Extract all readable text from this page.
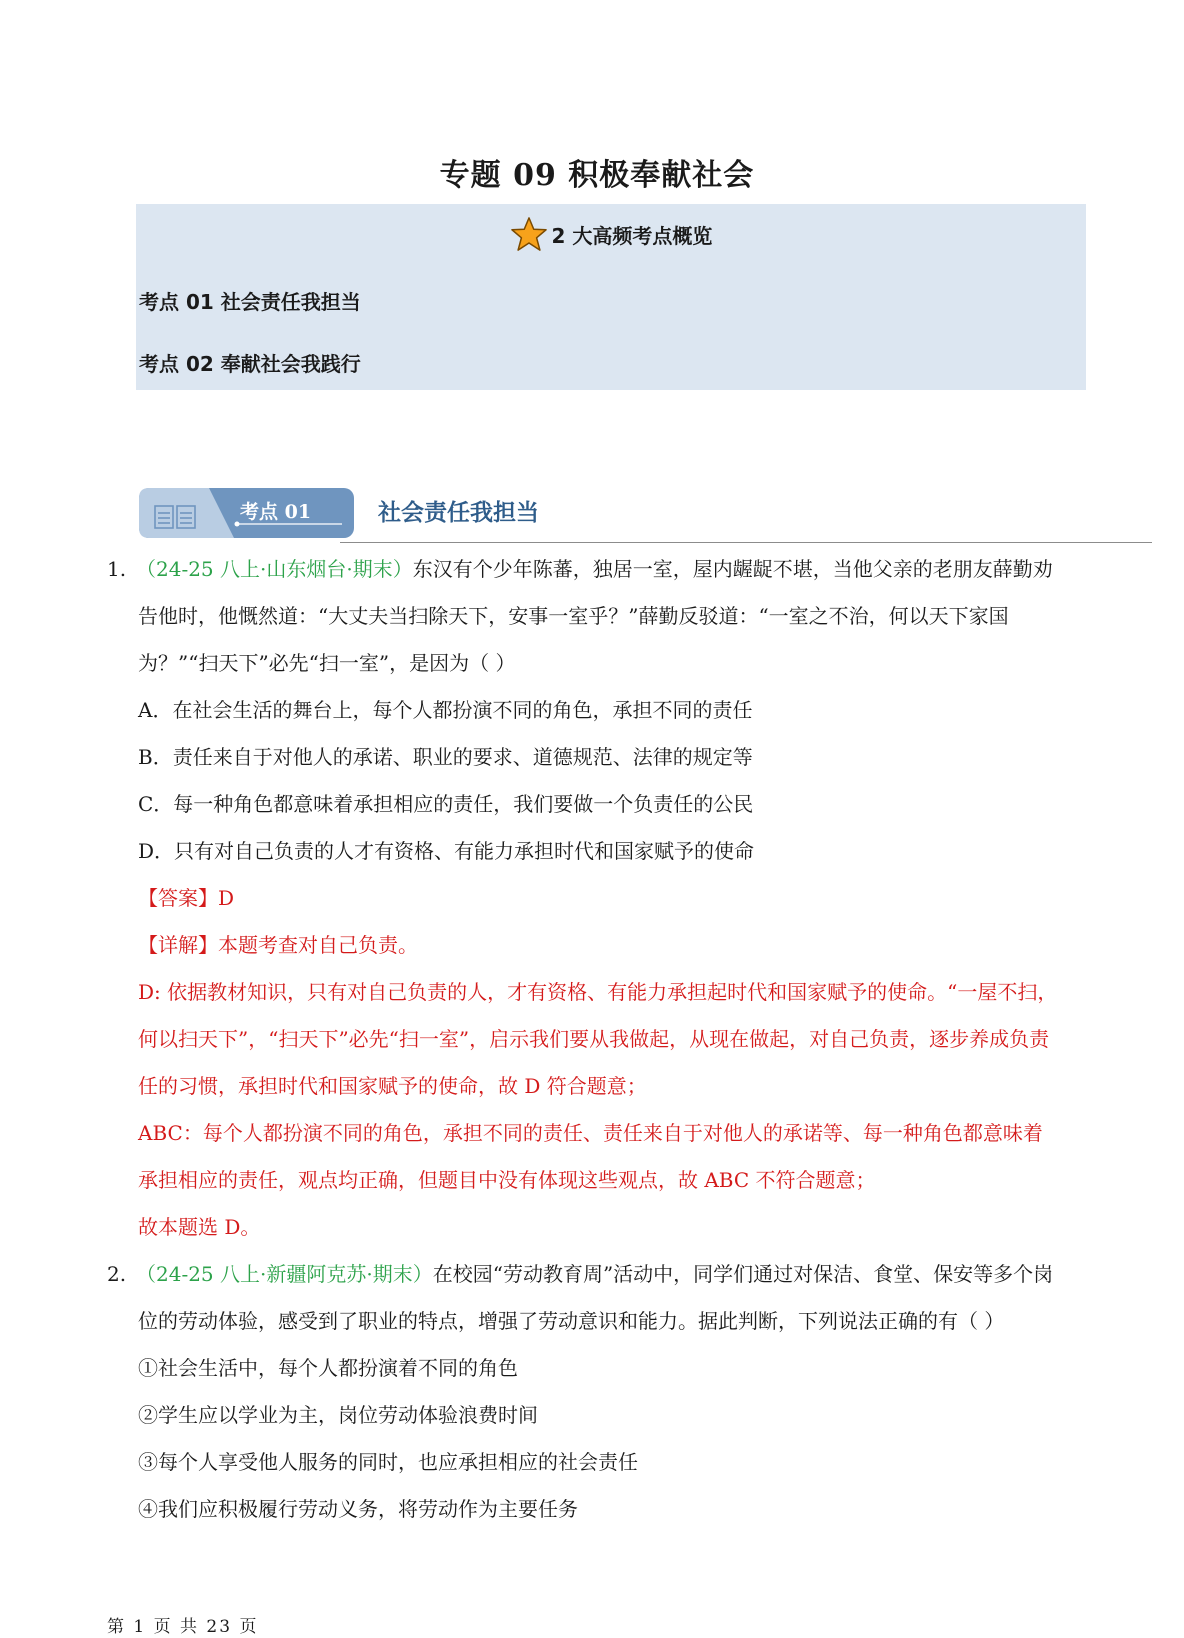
专题 09 积极奉献社会
2 大高频考点概览
考点 01 社会责任我担当
考点 02 奉献社会我践行
考点 01	社会责任我担当
1. （24-25 八上·山东烟台·期末）东汉有个少年陈蕃，独居一室，屋内龌龊不堪，当他父亲的老朋友薛勤劝
告他时，他慨然道：“大丈夫当扫除天下，安事一室乎？”薛勤反驳道：“一室之不治，何以天下家国
为？”“扫天下”必先“扫一室”，是因为（ ）
A．在社会生活的舞台上，每个人都扮演不同的角色，承担不同的责任
B．责任来自于对他人的承诺、职业的要求、道德规范、法律的规定等
C．每一种角色都意味着承担相应的责任，我们要做一个负责任的公民
D．只有对自己负责的人才有资格、有能力承担时代和国家赋予的使命
【答案】D
【详解】本题考查对自己负责。
D: 依据教材知识，只有对自己负责的人，才有资格、有能力承担起时代和国家赋予的使命。“一屋不扫，
何以扫天下”，“扫天下”必先“扫一室”，启示我们要从我做起，从现在做起，对自己负责，逐步养成负责
任的习惯，承担时代和国家赋予的使命，故 D 符合题意；
ABC：每个人都扮演不同的角色，承担不同的责任、责任来自于对他人的承诺等、每一种角色都意味着
承担相应的责任，观点均正确，但题目中没有体现这些观点，故 ABC 不符合题意；
故本题选 D。
2. （24-25 八上·新疆阿克苏·期末）在校园“劳动教育周”活动中，同学们通过对保洁、食堂、保安等多个岗
位的劳动体验，感受到了职业的特点，增强了劳动意识和能力。据此判断，下列说法正确的有（ ）
①社会生活中，每个人都扮演着不同的角色
②学生应以学业为主，岗位劳动体验浪费时间
③每个人享受他人服务的同时，也应承担相应的社会责任
④我们应积极履行劳动义务，将劳动作为主要任务
第 1 页 共 23 页
